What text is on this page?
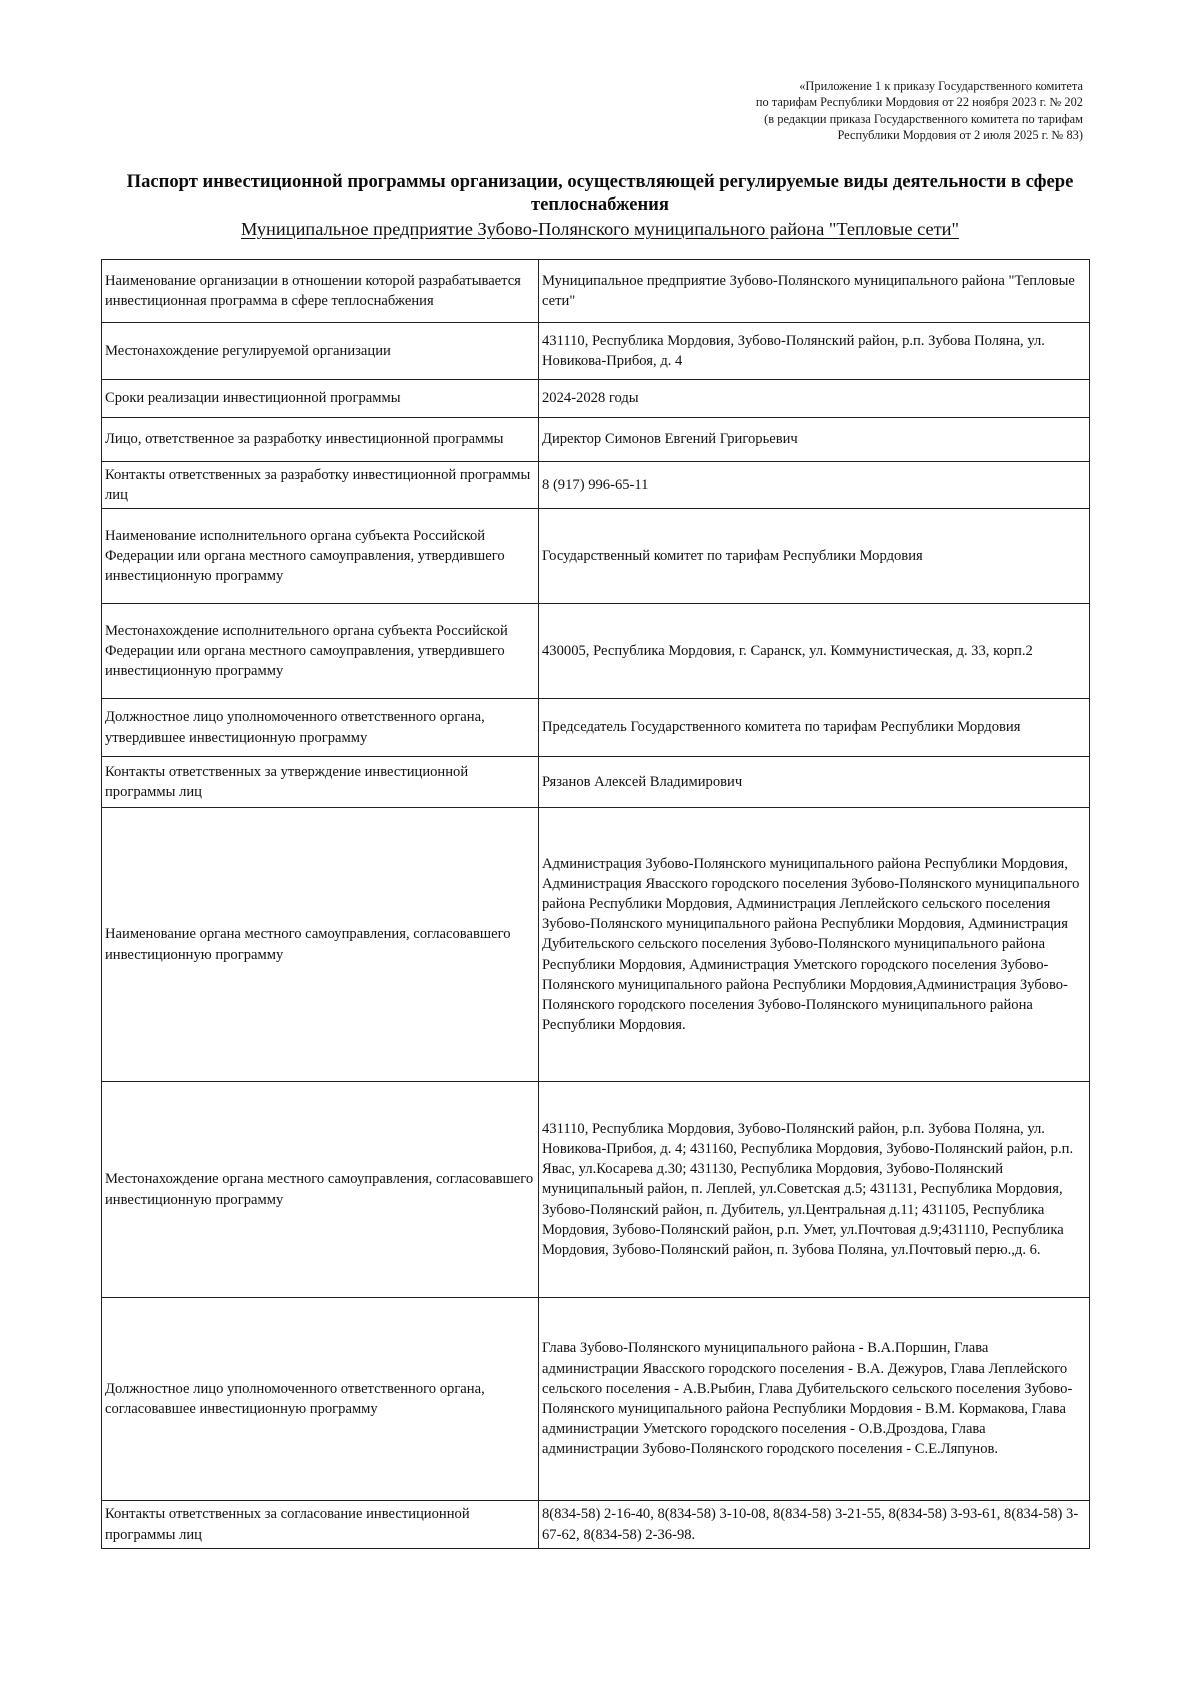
«Приложение 1 к приказу Государственного комитета
по тарифам Республики Мордовия от 22 ноября 2023 г. № 202
(в редакции приказа Государственного комитета по тарифам
Республики Мордовия от 2 июля 2025 г. № 83)
Паспорт инвестиционной программы организации, осуществляющей регулируемые виды деятельности в сфере теплоснабжения
Муниципальное предприятие Зубово-Полянского муниципального района "Тепловые сети"
Наименование организации в отношении которой разрабатывается инвестиционная программа в сфере теплоснабжения	Муниципальное предприятие Зубово-Полянского муниципального района "Тепловые сети"
Местонахождение регулируемой организации	431110, Республика Мордовия, Зубово-Полянский район, р.п. Зубова Поляна, ул. Новикова-Прибоя, д. 4
Сроки реализации инвестиционной программы	2024-2028 годы
Лицо, ответственное за разработку инвестиционной программы	Директор Симонов Евгений Григорьевич
Контакты ответственных за разработку инвестиционной программы лиц	8 (917) 996-65-11
Наименование исполнительного органа субъекта Российской Федерации или органа местного самоуправления, утвердившего инвестиционную программу	Государственный комитет по тарифам Республики Мордовия
Местонахождение исполнительного органа субъекта Российской Федерации или органа местного самоуправления, утвердившего инвестиционную программу	430005, Республика Мордовия, г. Саранск, ул. Коммунистическая, д. 33, корп.2
Должностное лицо уполномоченного ответственного органа, утвердившее инвестиционную программу	Председатель Государственного комитета по тарифам Республики Мордовия
Контакты ответственных за утверждение инвестиционной программы лиц	Рязанов Алексей Владимирович
Наименование органа местного самоуправления, согласовавшего инвестиционную программу	Администрация Зубово-Полянского муниципального района Республики Мордовия, Администрация Явасского городского поселения Зубово-Полянского муниципального района Республики Мордовия, Администрация Леплейского сельского поселения Зубово-Полянского муниципального района Республики Мордовия, Администрация Дубительского сельского поселения Зубово-Полянского муниципального района Республики Мордовия, Администрация Уметского городского поселения Зубово-Полянского муниципального района Республики Мордовия,Администрация Зубово-Полянского городского поселения Зубово-Полянского муниципального района Республики Мордовия.
Местонахождение органа местного самоуправления, согласовавшего инвестиционную программу	431110, Республика Мордовия, Зубово-Полянский район, р.п. Зубова Поляна, ул. Новикова-Прибоя, д. 4; 431160, Республика Мордовия, Зубово-Полянский район, р.п. Явас, ул.Косарева д.30; 431130, Республика Мордовия, Зубово-Полянский муниципальный район, п. Леплей, ул.Советская д.5; 431131, Республика Мордовия, Зубово-Полянский район, п. Дубитель, ул.Центральная д.11; 431105, Республика Мордовия, Зубово-Полянский район, р.п. Умет, ул.Почтовая д.9;431110, Республика Мордовия, Зубово-Полянский район, п. Зубова Поляна, ул.Почтовый перю.,д. 6.
Должностное лицо уполномоченного ответственного органа, согласовавшее инвестиционную программу	Глава Зубово-Полянского муниципального района - В.А.Поршин, Глава администрации Явасского городского поселения - В.А. Дежуров, Глава Леплейского сельского поселения - А.В.Рыбин, Глава Дубительского сельского поселения Зубово-Полянского муниципального района Республики Мордовия - В.М. Кормакова, Глава администрации Уметского городского поселения - О.В.Дроздова, Глава администрации Зубово-Полянского городского поселения - С.Е.Ляпунов.
Контакты ответственных за согласование инвестиционной программы лиц	8(834-58) 2-16-40, 8(834-58) 3-10-08, 8(834-58) 3-21-55, 8(834-58) 3-93-61, 8(834-58) 3-67-62, 8(834-58) 2-36-98.
